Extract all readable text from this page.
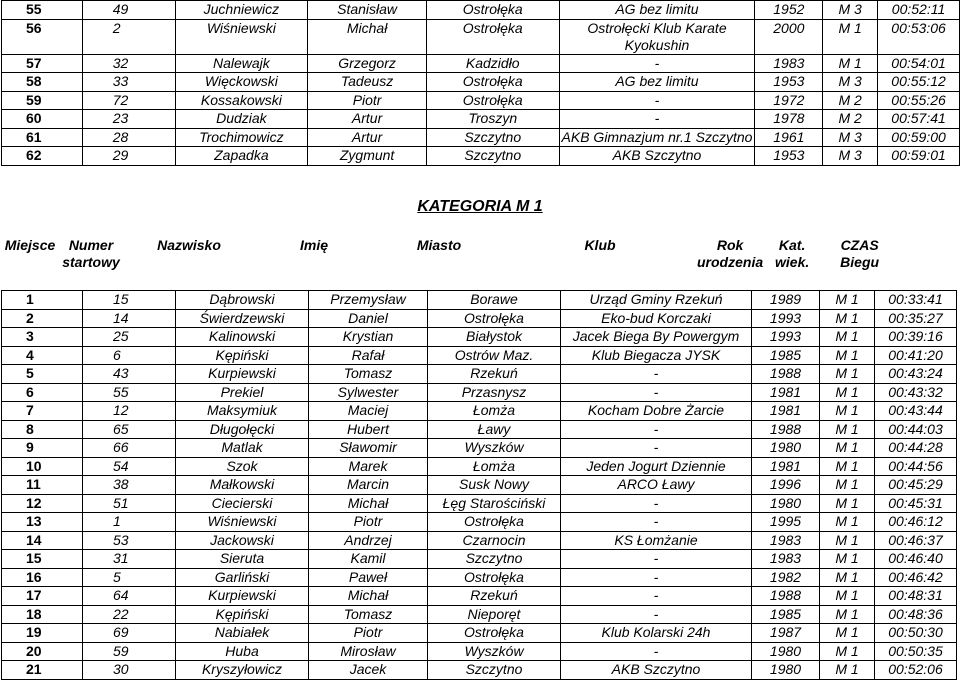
55	49	Juchniewicz	Stanisław	Ostrołęka	AG bez limitu	1952	M 3	00:52:11
56	2	Wiśniewski	Michał	Ostrołęka	Ostrołęcki Klub Karate Kyokushin	2000	M 1	00:53:06
57	32	Nalewajk	Grzegorz	Kadzidło	-	1983	M 1	00:54:01
58	33	Więckowski	Tadeusz	Ostrołęka	AG bez limitu	1953	M 3	00:55:12
59	72	Kossakowski	Piotr	Ostrołęka	-	1972	M 2	00:55:26
60	23	Dudziak	Artur	Troszyn	-	1978	M 2	00:57:41
61	28	Trochimowicz	Artur	Szczytno	AKB Gimnazjum nr.1 Szczytno	1961	M 3	00:59:00
62	29	Zapadka	Zygmunt	Szczytno	AKB Szczytno	1953	M 3	00:59:01
KATEGORIA M 1
Miejsce	Numer startowy	Nazwisko	Imię	Miasto	Klub	Rok urodzenia	Kat. wiek.	CZAS Biegu
1	15	Dąbrowski	Przemysław	Borawe	Urząd Gminy Rzekuń	1989	M 1	00:33:41
2	14	Świerdzewski	Daniel	Ostrołęka	Eko-bud Korczaki	1993	M 1	00:35:27
3	25	Kalinowski	Krystian	Białystok	Jacek Biega By Powergym	1993	M 1	00:39:16
4	6	Kępiński	Rafał	Ostrów Maz.	Klub Biegacza JYSK	1985	M 1	00:41:20
5	43	Kurpiewski	Tomasz	Rzekuń	-	1988	M 1	00:43:24
6	55	Prekiel	Sylwester	Przasnysz	-	1981	M 1	00:43:32
7	12	Maksymiuk	Maciej	Łomża	Kocham Dobre Żarcie	1981	M 1	00:43:44
8	65	Długołęcki	Hubert	Ławy	-	1988	M 1	00:44:03
9	66	Matlak	Sławomir	Wyszków	-	1980	M 1	00:44:28
10	54	Szok	Marek	Łomża	Jeden Jogurt Dziennie	1981	M 1	00:44:56
11	38	Małkowski	Marcin	Susk Nowy	ARCO Ławy	1996	M 1	00:45:29
12	51	Ciecierski	Michał	Łęg Starościński	-	1980	M 1	00:45:31
13	1	Wiśniewski	Piotr	Ostrołęka	-	1995	M 1	00:46:12
14	53	Jackowski	Andrzej	Czarnocin	KS Łomżanie	1983	M 1	00:46:37
15	31	Sieruta	Kamil	Szczytno	-	1983	M 1	00:46:40
16	5	Garliński	Paweł	Ostrołęka	-	1982	M 1	00:46:42
17	64	Kurpiewski	Michał	Rzekuń	-	1988	M 1	00:48:31
18	22	Kępiński	Tomasz	Nieporęt	-	1985	M 1	00:48:36
19	69	Nabiałek	Piotr	Ostrołęka	Klub Kolarski 24h	1987	M 1	00:50:30
20	59	Huba	Mirosław	Wyszków	-	1980	M 1	00:50:35
21	30	Kryszyłowicz	Jacek	Szczytno	AKB Szczytno	1980	M 1	00:52:06
